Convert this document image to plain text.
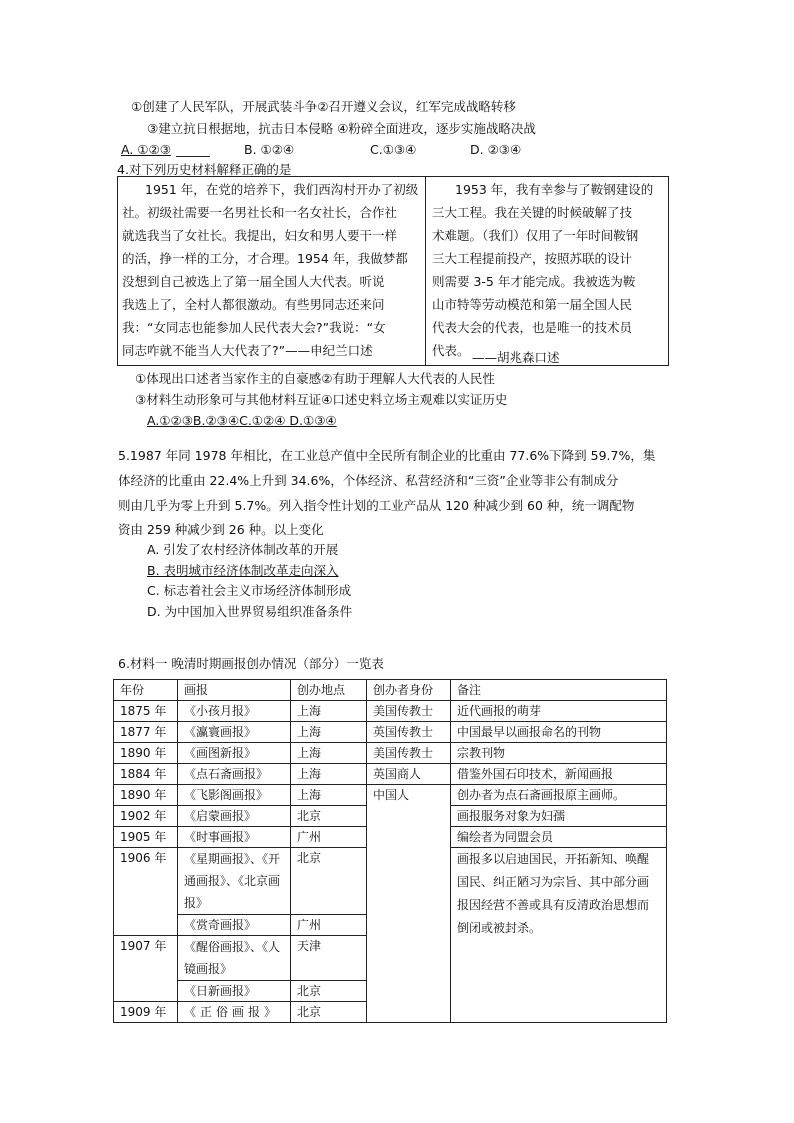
①创建了人民军队，开展武装斗争②召开遵义会议，红军完成战略转移
③建立抗日根据地，抗击日本侵略 ④粉碎全面进攻，逐步实施战略决战
A. ①②③	B. ①②④	C.①③④	D. ②③④
4.对下列历史材料解释正确的是
1951 年，在党的培养下，我们西沟村开办了初级
社。初级社需要一名男社长和一名女社长，合作社
就选我当了女社长。我提出，妇女和男人要干一样
的活，挣一样的工分，才合理。1954 年，我做梦都
没想到自己被选上了第一届全国人大代表。听说
我选上了，全村人都很激动。有些男同志还来问
我：“女同志也能参加人民代表大会?”我说：“女
同志咋就不能当人大代表了?”——申纪兰口述
1953 年，我有幸参与了鞍钢建设的
三大工程。我在关键的时候破解了技
术难题。（我们）仅用了一年时间鞍钢
三大工程提前投产，按照苏联的设计
则需要 3-5 年才能完成。我被选为鞍
山市特等劳动模范和第一届全国人民
代表大会的代表，也是唯一的技术员
代表。 ——胡兆森口述
①体现出口述者当家作主的自豪感②有助于理解人大代表的人民性
③材料生动形象可与其他材料互证④口述史料立场主观难以实证历史
A.①②③B.②③④C.①②④ D.①③④
5.1987 年同 1978 年相比，在工业总产值中全民所有制企业的比重由 77.6%下降到 59.7%，集
体经济的比重由 22.4%上升到 34.6%，个体经济、私营经济和“三资”企业等非公有制成分
则由几乎为零上升到 5.7%。列入指令性计划的工业产品从 120 种减少到 60 种，统一调配物
资由 259 种减少到 26 种。以上变化
A. 引发了农村经济体制改革的开展
B. 表明城市经济体制改革走向深入
C. 标志着社会主义市场经济体制形成
D. 为中国加入世界贸易组织准备条件
6.材料一 晚清时期画报创办情况（部分）一览表
年份	画报	创办地点	创办者身份	备注
1875 年	《小孩月报》	上海	美国传教士	近代画报的萌芽
1877 年	《瀛寰画报》	上海	英国传教士	中国最早以画报命名的刊物
1890 年	《画图新报》	上海	美国传教士	宗教刊物
1884 年	《点石斋画报》	上海	英国商人	借鉴外国石印技术，新闻画报
1890 年	《飞影阁画报》	上海	中国人	创办者为点石斋画报原主画师。
1902 年	《启蒙画报》	北京		画报服务对象为妇孺
1905 年	《时事画报》	广州		编绘者为同盟会员
1906 年	《星期画报》、《开通画报》、《北京画报》	北京		画报多以启迪国民，开拓新知、唤醒国民、纠正陋习为宗旨、其中部分画报因经营不善或具有反清政治思想而倒闭或被封杀。
	《赏奇画报》	广州		
1907 年	《醒俗画报》、《人镜画报》	天津		
	《日新画报》	北京		
1909 年	《正俗画报》	北京		
